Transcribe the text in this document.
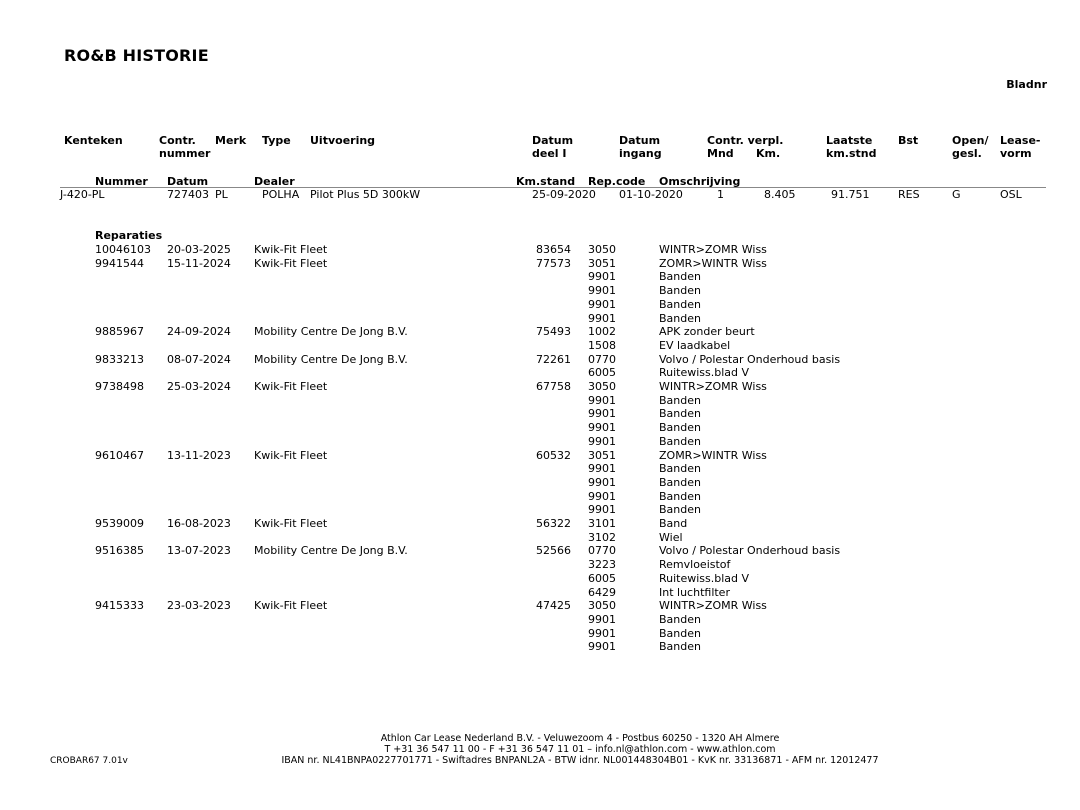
RO&B HISTORIE
Bladnr
Kenteken	Contr.
nummer
Merk Type Uitvoering	Datum
deel I
Datum
ingang
Contr. verpl.
Mnd Km.
Laatste
km.stnd
Bst	Open/
gesl.
Lease-
vorm
Nummer Datum	Dealer	Km.stand Rep.code Omschrijving
J-420-PL	727403 PL	POLHA Pilot Plus 5D 300kW	25-09-2020 01-10-2020	1	8.405	91.751	RES	G	OSL
Reparaties
10046103 20-03-2025 Kwik-Fit Fleet	83654 3050	WINTR>ZOMR Wiss
9941544 15-11-2024 Kwik-Fit Fleet	77573 3051	ZOMR>WINTR Wiss
9901	Banden
9901	Banden
9901	Banden
9901	Banden
9885967 24-09-2024 Mobility Centre De Jong B.V.	75493 1002	APK zonder beurt
1508	EV laadkabel
9833213 08-07-2024 Mobility Centre De Jong B.V.	72261 0770	Volvo / Polestar Onderhoud basis
6005	Ruitewiss.blad V
9738498 25-03-2024 Kwik-Fit Fleet	67758 3050	WINTR>ZOMR Wiss
9901	Banden
9901	Banden
9901	Banden
9901	Banden
9610467 13-11-2023 Kwik-Fit Fleet	60532 3051	ZOMR>WINTR Wiss
9901	Banden
9901	Banden
9901	Banden
9901	Banden
9539009 16-08-2023 Kwik-Fit Fleet	56322 3101	Band
3102	Wiel
9516385 13-07-2023 Mobility Centre De Jong B.V.	52566 0770	Volvo / Polestar Onderhoud basis
3223	Remvloeistof
6005	Ruitewiss.blad V
6429	Int luchtfilter
9415333 23-03-2023 Kwik-Fit Fleet	47425 3050	WINTR>ZOMR Wiss
9901	Banden
9901	Banden
9901	Banden
Athlon Car Lease Nederland B.V. - Veluwezoom 4 - Postbus 60250 - 1320 AH Almere
T +31 36 547 11 00 - F +31 36 547 11 01 – info.nl@athlon.com - www.athlon.com
IBAN nr. NL41BNPA0227701771 - Swiftadres BNPANL2A - BTW idnr. NL001448304B01 - KvK nr. 33136871 - AFM nr. 12012477
CROBAR67 7.01v
